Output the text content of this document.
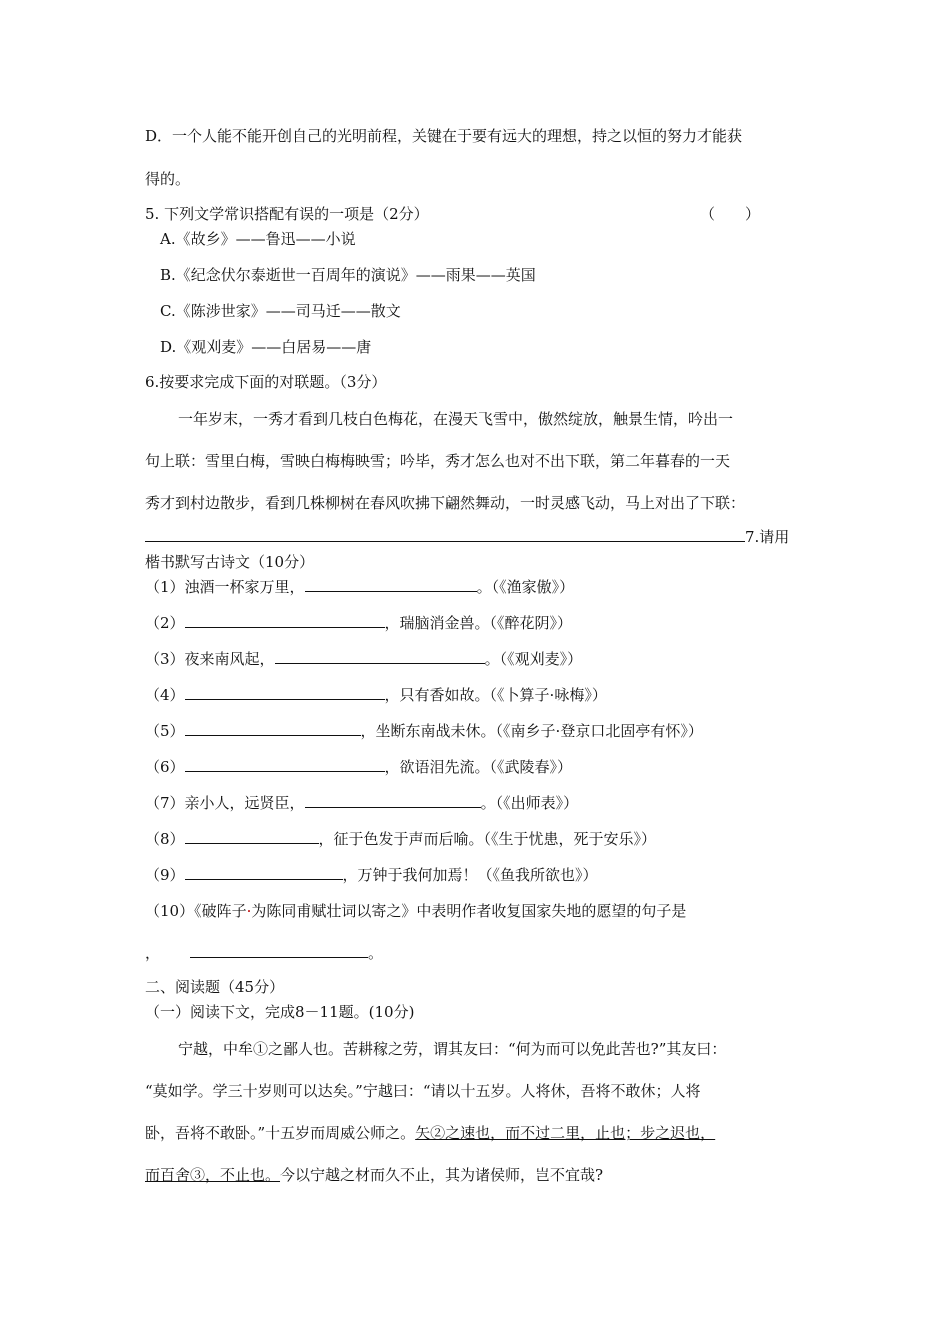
D．一个人能不能开创自己的光明前程，关键在于要有远大的理想，持之以恒的努力才能获
得的。
5. 下列文学常识搭配有误的一项是（2分）	（　　）
A.《故乡》——鲁迅——小说
B.《纪念伏尔泰逝世一百周年的演说》——雨果——英国
C.《陈涉世家》——司马迁——散文
D.《观刈麦》——白居易——唐
6.按要求完成下面的对联题。（3分）
一年岁末，一秀才看到几枝白色梅花，在漫天飞雪中，傲然绽放，触景生情，吟出一
句上联：雪里白梅，雪映白梅梅映雪；吟毕，秀才怎么也对不出下联，第二年暮春的一天
秀才到村边散步，看到几株柳树在春风吹拂下翩然舞动，一时灵感飞动，马上对出了下联：
7.请用
楷书默写古诗文（10分）
（1）浊酒一杯家万里，	。（《渔家傲》）
（2）	，瑞脑消金兽。（《醉花阴》）
（3）夜来南风起，	。（《观刈麦》）
（4）	，只有香如故。（《卜算子·咏梅》）
（5）	，坐断东南战未休。（《南乡子·登京口北固亭有怀》）
（6）	，欲语泪先流。（《武陵春》）
（7）亲小人，远贤臣，	。（《出师表》）
（8）	，征于色发于声而后喻。（《生于忧患，死于安乐》）
（9）	，万钟于我何加焉！（《鱼我所欲也》）
（10）《破阵子·为陈同甫赋壮词以寄之》中表明作者收复国家失地的愿望的句子是
，	。
二、阅读题（45分）
（一）阅读下文，完成8－11题。(10分)
宁越，中牟①之鄙人也。苦耕稼之劳，谓其友曰：“何为而可以免此苦也?”其友曰：
“莫如学。学三十岁则可以达矣。”宁越曰：“请以十五岁。人将休，吾将不敢休；人将
卧，吾将不敢卧。”十五岁而周威公师之。矢②之速也，而不过二里，止也；步之迟也，
而百舍③，不止也。今以宁越之材而久不止，其为诸侯师，岂不宜哉?
